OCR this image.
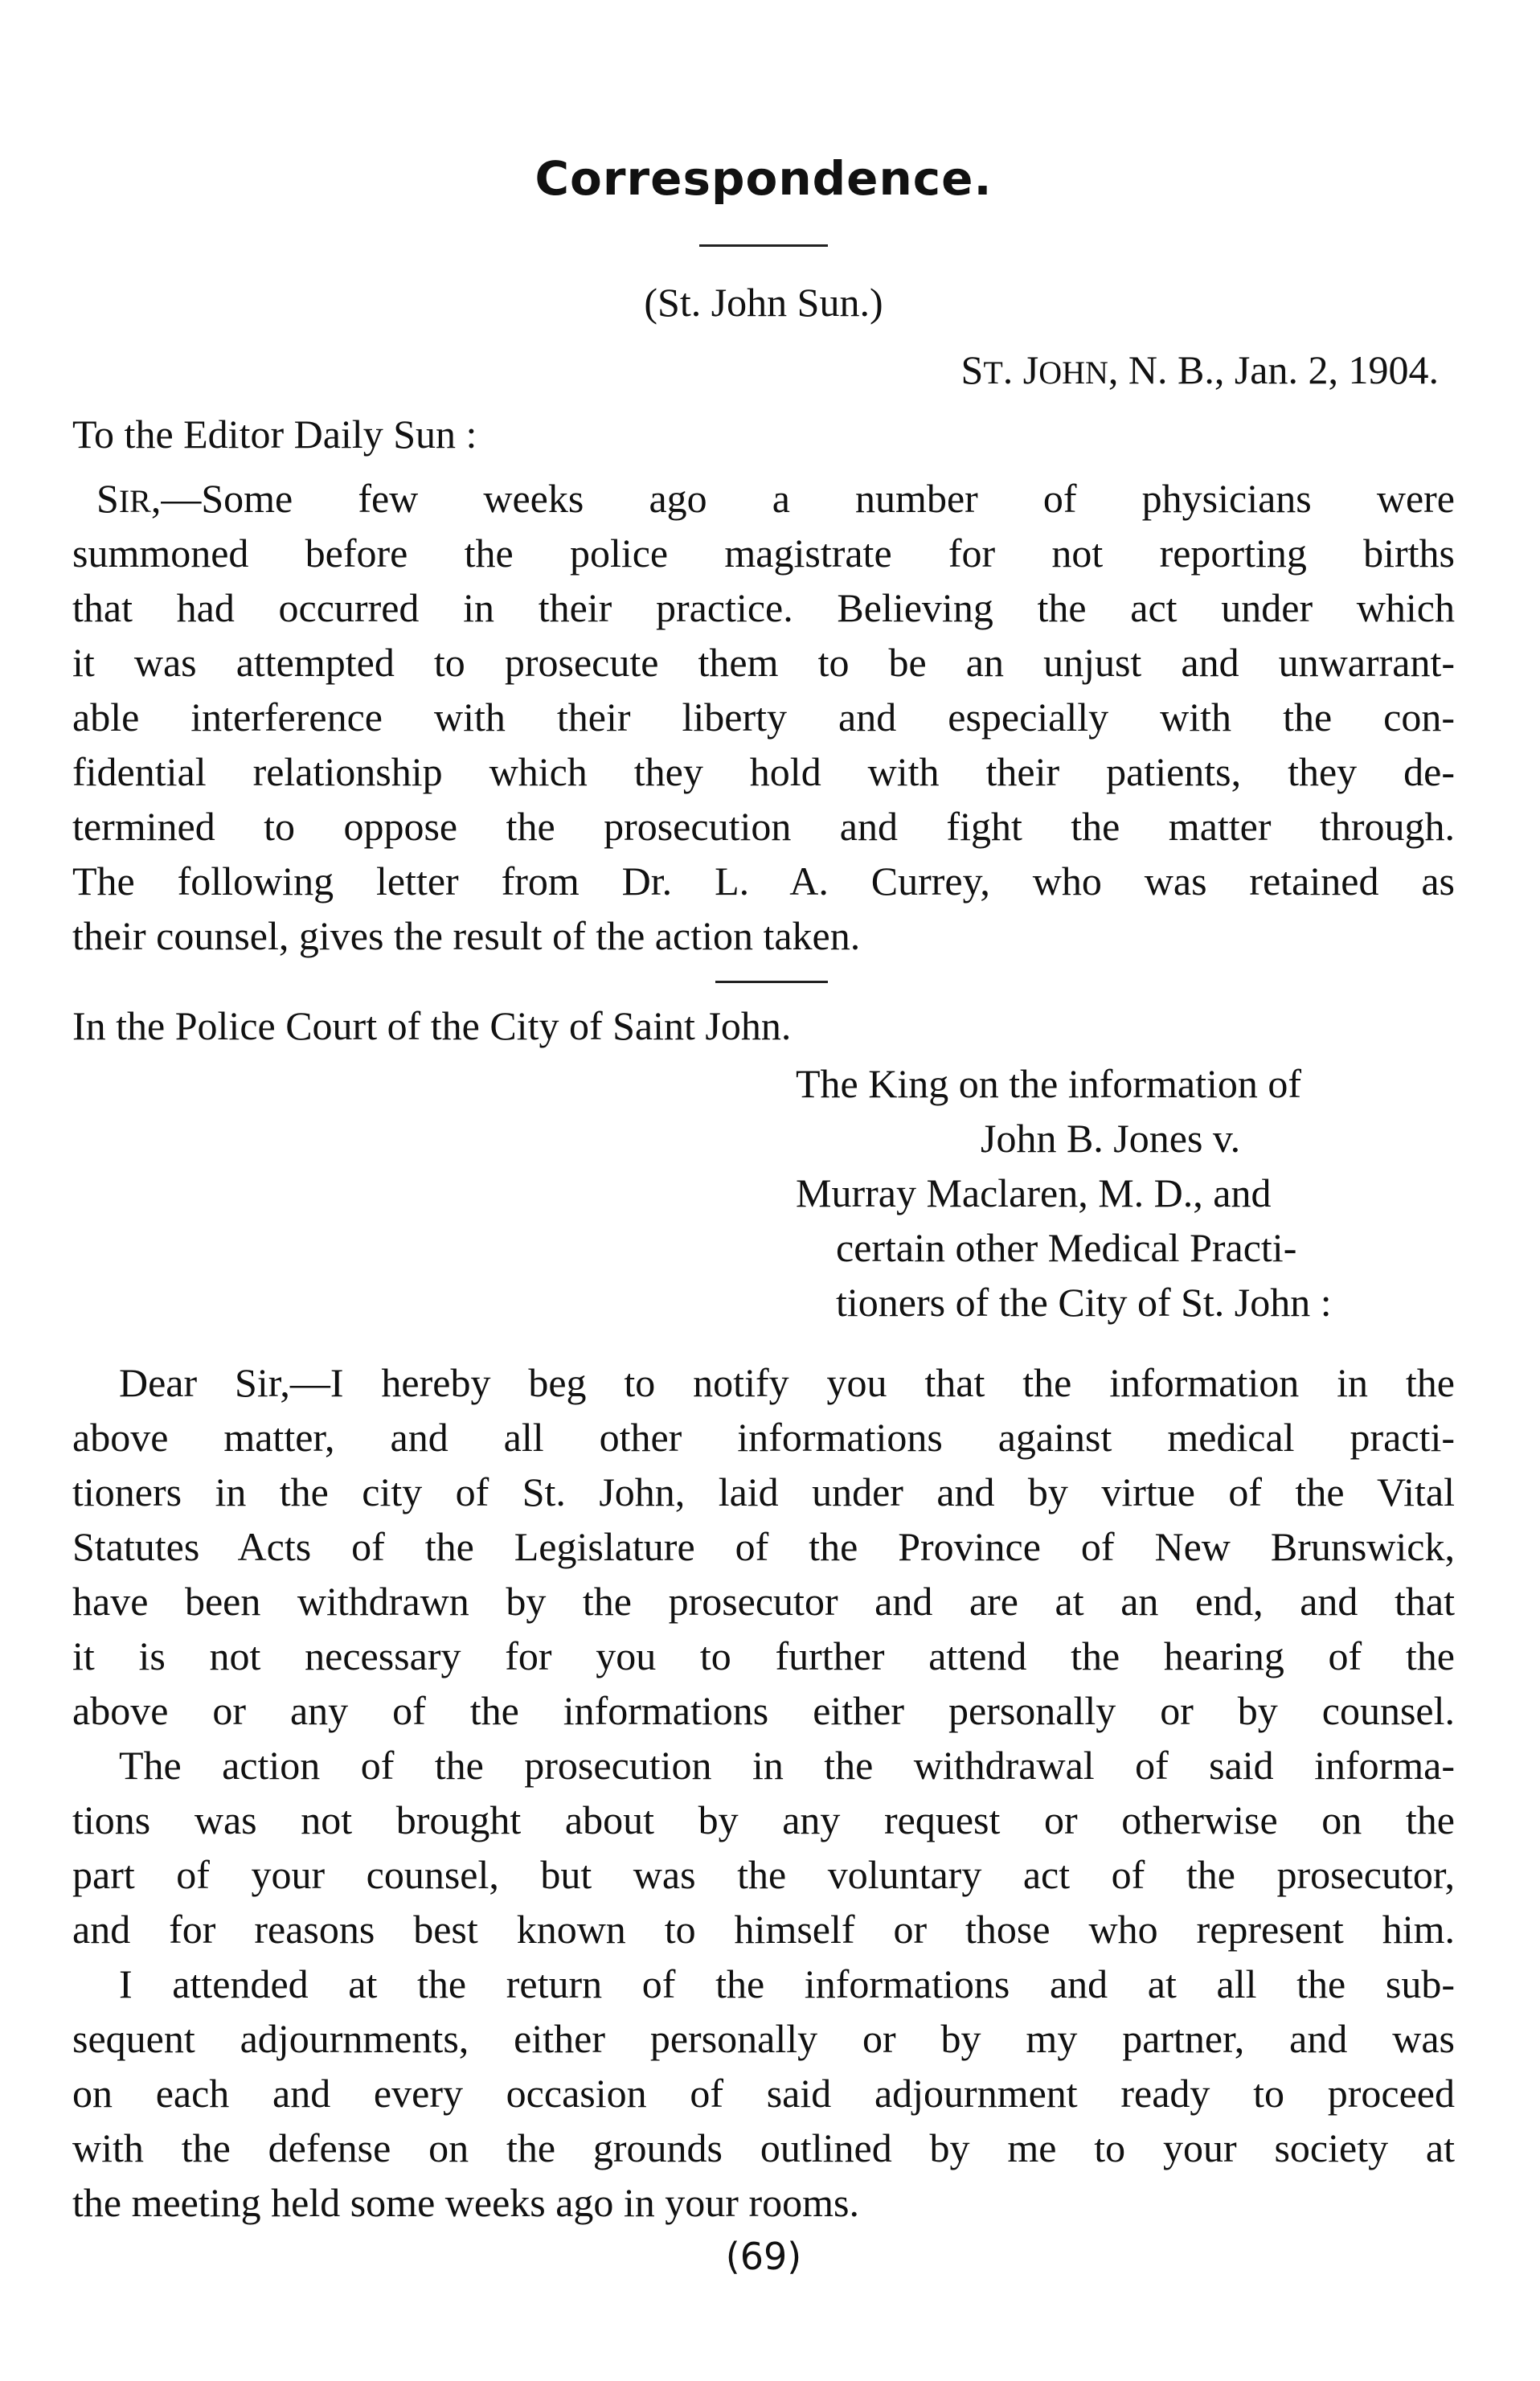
Correspondence.
(St. John Sun.)
ST. JOHN, N. B., Jan. 2, 1904.
To the Editor Daily Sun :
SIR,—Some few weeks ago a number of physicians were
summoned before the police magistrate for not reporting births
that had occurred in their practice. Believing the act under which
it was attempted to prosecute them to be an unjust and unwarrant-
able interference with their liberty and especially with the con-
fidential relationship which they hold with their patients, they de-
termined to oppose the prosecution and fight the matter through.
The following letter from Dr. L. A. Currey, who was retained as
their counsel, gives the result of the action taken.
In the Police Court of the City of Saint John.
The King on the information of
John B. Jones v.
Murray Maclaren, M. D., and
certain other Medical Practi-
tioners of the City of St. John :
Dear Sir,—I hereby beg to notify you that the information in the
above matter, and all other informations against medical practi-
tioners in the city of St. John, laid under and by virtue of the Vital
Statutes Acts of the Legislature of the Province of New Brunswick,
have been withdrawn by the prosecutor and are at an end, and that
it is not necessary for you to further attend the hearing of the
above or any of the informations either personally or by counsel.
The action of the prosecution in the withdrawal of said informa-
tions was not brought about by any request or otherwise on the
part of your counsel, but was the voluntary act of the prosecutor,
and for reasons best known to himself or those who represent him.
I attended at the return of the informations and at all the sub-
sequent adjournments, either personally or by my partner, and was
on each and every occasion of said adjournment ready to proceed
with the defense on the grounds outlined by me to your society at
the meeting held some weeks ago in your rooms.
(69)
